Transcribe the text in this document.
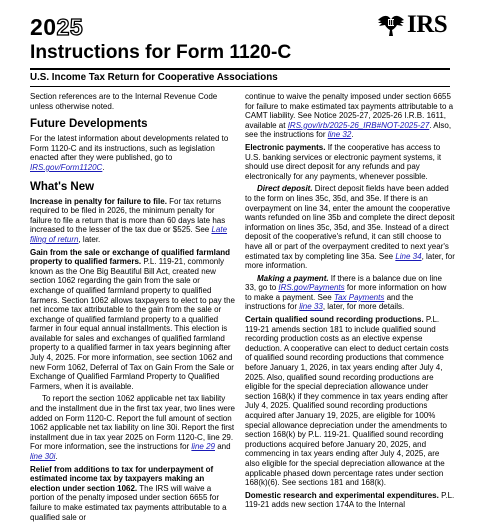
2025	IRS
Instructions for Form 1120-C
U.S. Income Tax Return for Cooperative Associations

Section references are to the Internal Revenue Code unless otherwise noted.

Future Developments

For the latest information about developments related to Form 1120-C and its instructions, such as legislation enacted after they were published, go to IRS.gov/Form1120C.

What's New

Increase in penalty for failure to file. For tax returns required to be filed in 2026, the minimum penalty for failure to file a return that is more than 60 days late has increased to the lesser of the tax due or $525. See Late filing of return, later.

Gain from the sale or exchange of qualified farmland property to qualified farmers. P.L. 119-21, commonly known as the One Big Beautiful Bill Act, created new section 1062 regarding the gain from the sale or exchange of qualified farmland property to qualified farmers. Section 1062 allows taxpayers to elect to pay the net income tax attributable to the gain from the sale or exchange of qualified farmland property to a qualified farmer in four equal annual installments. This election is available for sales and exchanges of qualified farmland property to a qualified farmer in tax years beginning after July 4, 2025. For more information, see section 1062 and new Form 1062, Deferral of Tax on Gain From the Sale or Exchange of Qualified Farmland Property to Qualified Farmers, when it is available.

To report the section 1062 applicable net tax liability and the installment due in the first tax year, two lines were added on Form 1120-C. Report the full amount of section 1062 applicable net tax liability on line 30i. Report the first installment due in tax year 2025 on Form 1120-C, line 29. For more information, see the instructions for line 29 and line 30i.

Relief from additions to tax for underpayment of estimated income tax by taxpayers making an election under section 1062. The IRS will waive a portion of the penalty imposed under section 6655 for failure to make estimated tax payments attributable to a qualified sale or

continue to waive the penalty imposed under section 6655 for failure to make estimated tax payments attributable to a CAMT liability. See Notice 2025-27, 2025-26 I.R.B. 1611, available at IRS.gov/irb/2025-26_IRB#NOT-2025-27. Also, see the instructions for line 32.

Electronic payments. If the cooperative has access to U.S. banking services or electronic payment systems, it should use direct deposit for any refunds and pay electronically for any payments, whenever possible.

Direct deposit. Direct deposit fields have been added to the form on lines 35c, 35d, and 35e. If there is an overpayment on line 34, enter the amount the cooperative wants refunded on line 35b and complete the direct deposit information on lines 35c, 35d, and 35e. Instead of a direct deposit of the cooperative's refund, it can still choose to have all or part of the overpayment credited to next year's estimated tax by completing line 35a. See Line 34, later, for more information.

Making a payment. If there is a balance due on line 33, go to IRS.gov/Payments for more information on how to make a payment. See Tax Payments and the instructions for line 33, later, for more details.

Certain qualified sound recording productions. P.L. 119-21 amends section 181 to include qualified sound recording production costs as an elective expense deduction. A cooperative can elect to deduct certain costs of qualified sound recording productions that commence before January 1, 2026, in tax years ending after July 4, 2025. Also, qualified sound recording productions are eligible for the special depreciation allowance under section 168(k) if they commence in tax years ending after July 4, 2025. Qualified sound recording productions acquired after January 19, 2025, are eligible for 100% special allowance depreciation under the amendments to section 168(k) by P.L. 119-21. Qualified sound recording productions acquired before January 20, 2025, and commencing in tax years ending after July 4, 2025, are also eligible for the special depreciation allowance at the applicable phased down percentage rates under section 168(k)(6). See sections 181 and 168(k).

Domestic research and experimental expenditures. P.L. 119-21 adds new section 174A to the Internal
